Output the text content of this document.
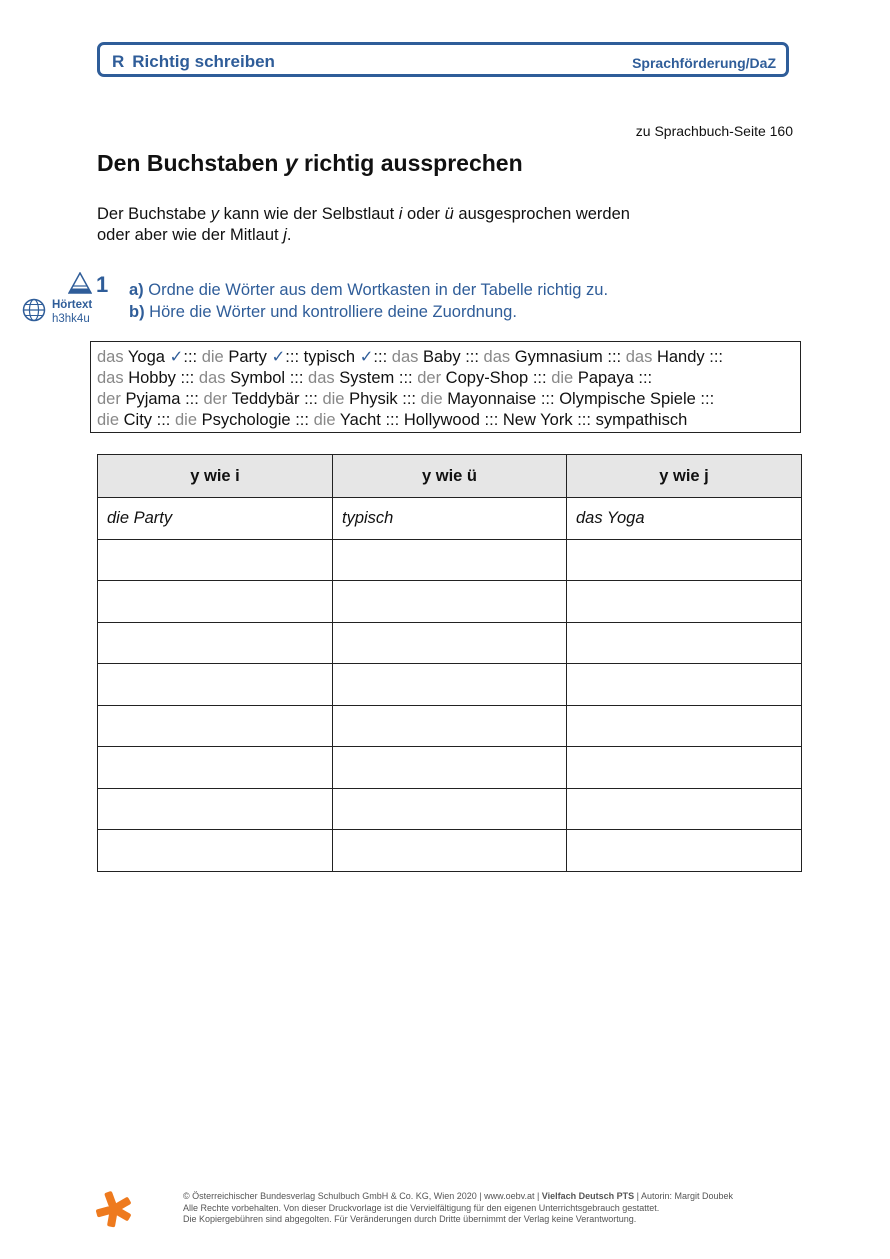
R Richtig schreiben	Sprachförderung/DaZ
zu Sprachbuch-Seite 160
Den Buchstaben y richtig aussprechen

Der Buchstabe y kann wie der Selbstlaut i oder ü ausgesprochen werden

oder aber wie der Mitlaut j.

1
Hörtext
h3hk4u
a) Ordne die Wörter aus dem Wortkasten in der Tabelle richtig zu.
b) Höre die Wörter und kontrolliere deine Zuordnung.
das Yoga ✓::: die Party ✓::: typisch ✓::: das Baby ::: das Gymnasium ::: das Handy :::
das Hobby ::: das Symbol ::: das System ::: der Copy-Shop ::: die Papaya :::
der Pyjama ::: der Teddybär ::: die Physik ::: die Mayonnaise ::: Olympische Spiele :::
die City ::: die Psychologie ::: die Yacht ::: Hollywood ::: New York ::: sympathisch
y wie i	y wie ü	y wie j
die Party	typisch	das Yoga

© Österreichischer Bundesverlag Schulbuch GmbH & Co. KG, Wien 2020 | www.oebv.at | Vielfach Deutsch PTS | Autorin: Margit Doubek

Alle Rechte vorbehalten. Von dieser Druckvorlage ist die Vervielfältigung für den eigenen Unterrichtsgebrauch gestattet.

Die Kopiergebühren sind abgegolten. Für Veränderungen durch Dritte übernimmt der Verlag keine Verantwortung.
